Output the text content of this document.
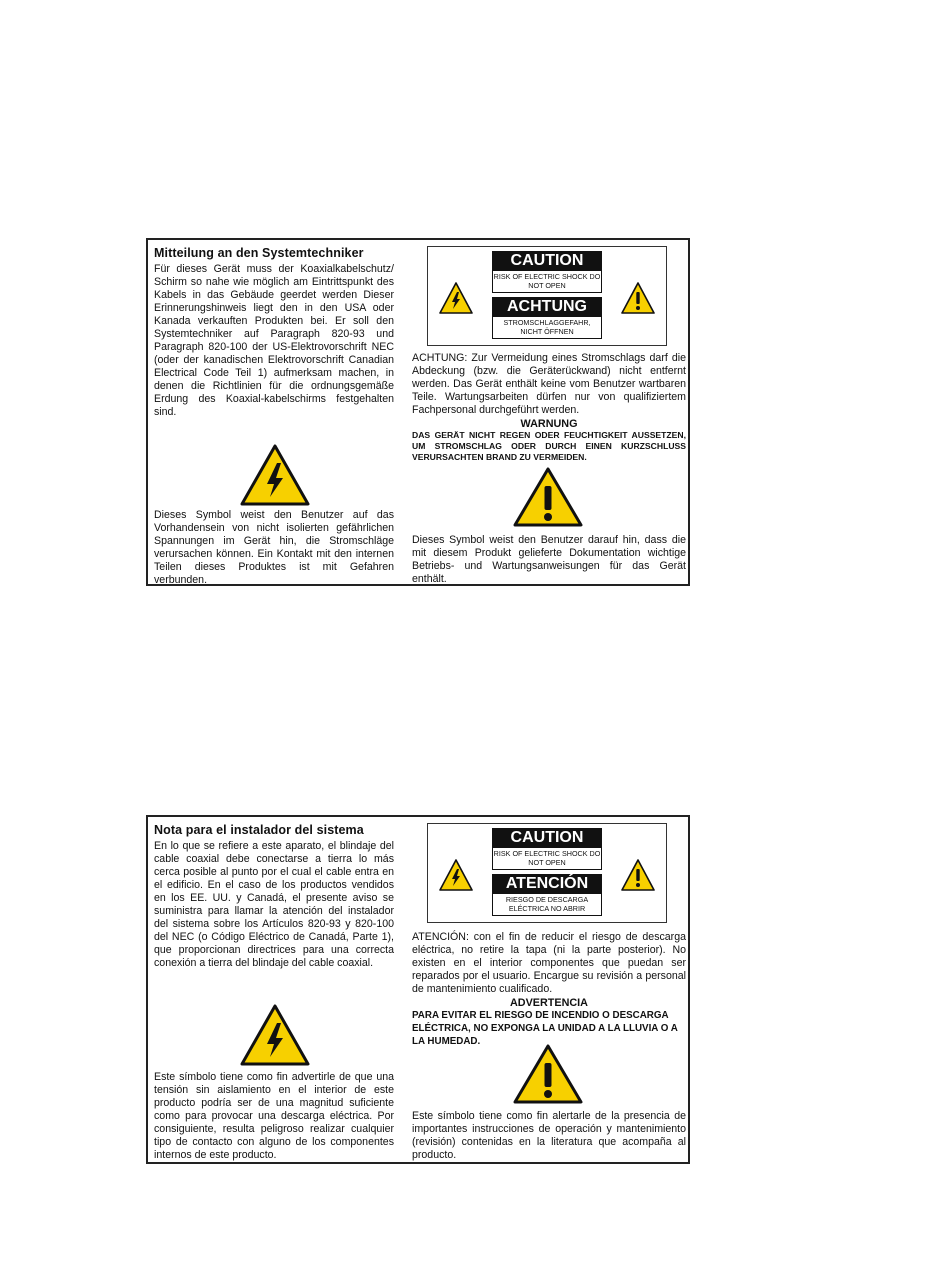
Mitteilung an den Systemtechniker

Für dieses Gerät muss der Koaxialkabelschutz/ Schirm so nahe wie möglich am Eintrittspunkt des Kabels in das Gebäude geerdet werden Dieser Erinnerungshinweis liegt den in den USA oder Kanada verkauften Produkten bei. Er soll den Systemtechniker auf Paragraph 820-93 und Paragraph 820-100 der US-Elektrovorschrift NEC (oder der kanadischen Elektrovorschrift Canadian Electrical Code Teil 1) aufmerksam machen, in denen die Richtlinien für die ordnungsgemäße Erdung des Koaxial-kabelschirms festgehalten sind.

Dieses Symbol weist den Benutzer auf das Vorhandensein von nicht isolierten gefährlichen Spannungen im Gerät hin, die Stromschläge verursachen können. Ein Kontakt mit den internen Teilen dieses Produktes ist mit Gefahren verbunden.

CAUTION
RISK OF ELECTRIC SHOCK DO NOT OPEN
ACHTUNG
STROMSCHLAGGEFAHR, NICHT ÖFFNEN

ACHTUNG: Zur Vermeidung eines Stromschlags darf die Abdeckung (bzw. die Geräterückwand) nicht entfernt werden. Das Gerät enthält keine vom Benutzer wartbaren Teile. Wartungsarbeiten dürfen nur von qualifiziertem Fachpersonal durchgeführt werden.

WARNUNG
DAS GERÄT NICHT REGEN ODER FEUCHTIGKEIT AUSSETZEN, UM STROMSCHLAG ODER DURCH EINEN KURZSCHLUSS VERURSACHTEN BRAND ZU VERMEIDEN.

Dieses Symbol weist den Benutzer darauf hin, dass die mit diesem Produkt gelieferte Dokumentation wichtige Betriebs- und Wartungsanweisungen für das Gerät enthält.

Nota para el instalador del sistema

En lo que se refiere a este aparato, el blindaje del cable coaxial debe conectarse a tierra lo más cerca posible al punto por el cual el cable entra en el edificio. En el caso de los productos vendidos en los EE. UU. y Canadá, el presente aviso se suministra para llamar la atención del instalador del sistema sobre los Artículos 820-93 y 820-100 del NEC (o Código Eléctrico de Canadá, Parte 1), que proporcionan directrices para una correcta conexión a tierra del blindaje del cable coaxial.

Este símbolo tiene como fin advertirle de que una tensión sin aislamiento en el interior de este producto podría ser de una magnitud suficiente como para provocar una descarga eléctrica. Por consiguiente, resulta peligroso realizar cualquier tipo de contacto con alguno de los componentes internos de este producto.

CAUTION
RISK OF ELECTRIC SHOCK DO NOT OPEN
ATENCIÓN
RIESGO DE DESCARGA ELÉCTRICA NO ABRIR

ATENCIÓN: con el fin de reducir el riesgo de descarga eléctrica, no retire la tapa (ni la parte posterior). No existen en el interior componentes que puedan ser reparados por el usuario. Encargue su revisión a personal de mantenimiento cualificado.

ADVERTENCIA
PARA EVITAR EL RIESGO DE INCENDIO O DESCARGA ELÉCTRICA, NO EXPONGA LA UNIDAD A LA LLUVIA O A LA HUMEDAD.

Este símbolo tiene como fin alertarle de la presencia de importantes instrucciones de operación y mantenimiento (revisión) contenidas en la literatura que acompaña al producto.
